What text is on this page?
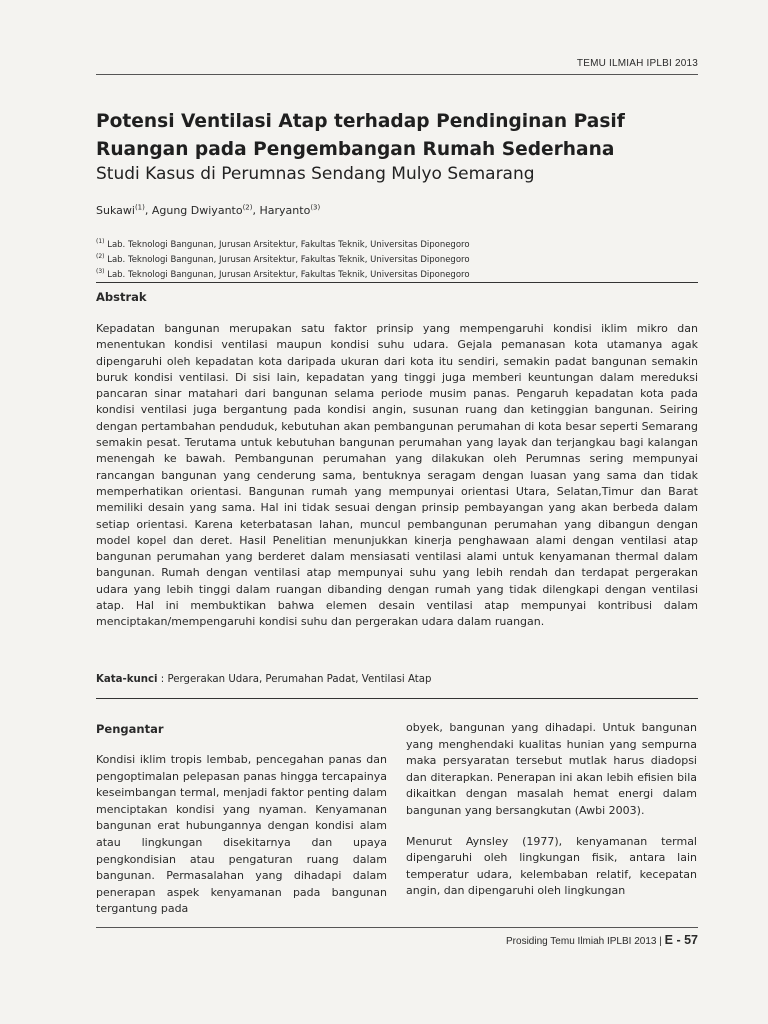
TEMU ILMIAH IPLBI 2013
Potensi Ventilasi Atap terhadap Pendinginan Pasif Ruangan pada Pengembangan Rumah Sederhana
Studi Kasus di Perumnas Sendang Mulyo Semarang
Sukawi$^{(1)}$, Agung Dwiyanto$^{(2)}$, Haryanto$^{(3)}$
$^{(1)}$ Lab. Teknologi Bangunan, Jurusan Arsitektur, Fakultas Teknik, Universitas Diponegoro
$^{(2)}$ Lab. Teknologi Bangunan, Jurusan Arsitektur, Fakultas Teknik, Universitas Diponegoro
$^{(3)}$ Lab. Teknologi Bangunan, Jurusan Arsitektur, Fakultas Teknik, Universitas Diponegoro
Abstrak

Kepadatan bangunan merupakan satu faktor prinsip yang mempengaruhi kondisi iklim mikro dan menentukan kondisi ventilasi maupun kondisi suhu udara. Gejala pemanasan kota utamanya agak dipengaruhi oleh kepadatan kota daripada ukuran dari kota itu sendiri, semakin padat bangunan semakin buruk kondisi ventilasi. Di sisi lain, kepadatan yang tinggi juga memberi keuntungan dalam mereduksi pancaran sinar matahari dari bangunan selama periode musim panas. Pengaruh kepadatan kota pada kondisi ventilasi juga bergantung pada kondisi angin, susunan ruang dan ketinggian bangunan. Seiring dengan pertambahan penduduk, kebutuhan akan pembangunan perumahan di kota besar seperti Semarang semakin pesat. Terutama untuk kebutuhan bangunan perumahan yang layak dan terjangkau bagi kalangan menengah ke bawah. Pembangunan perumahan yang dilakukan oleh Perumnas sering mempunyai rancangan bangunan yang cenderung sama, bentuknya seragam dengan luasan yang sama dan tidak memperhatikan orientasi. Bangunan rumah yang mempunyai orientasi Utara, Selatan,Timur dan Barat memiliki desain yang sama. Hal ini tidak sesuai dengan prinsip pembayangan yang akan berbeda dalam setiap orientasi. Karena keterbatasan lahan, muncul pembangunan perumahan yang dibangun dengan model kopel dan deret. Hasil Penelitian menunjukkan kinerja penghawaan alami dengan ventilasi atap bangunan perumahan yang berderet dalam mensiasati ventilasi alami untuk kenyamanan thermal dalam bangunan. Rumah dengan ventilasi atap mempunyai suhu yang lebih rendah dan terdapat pergerakan udara yang lebih tinggi dalam ruangan dibanding dengan rumah yang tidak dilengkapi dengan ventilasi atap. Hal ini membuktikan bahwa elemen desain ventilasi atap mempunyai kontribusi dalam menciptakan/mempengaruhi kondisi suhu dan pergerakan udara dalam ruangan.

Kata-kunci : Pergerakan Udara, Perumahan Padat, Ventilasi Atap
Pengantar

Kondisi iklim tropis lembab, pencegahan panas dan pengoptimalan pelepasan panas hingga tercapainya keseimbangan termal, menjadi faktor penting dalam menciptakan kondisi yang nyaman. Kenyamanan bangunan erat hubungannya dengan kondisi alam atau lingkungan disekitarnya dan upaya pengkondisian atau pengaturan ruang dalam bangunan. Permasalahan yang dihadapi dalam penerapan aspek kenyamanan pada bangunan tergantung pada

obyek, bangunan yang dihadapi. Untuk bangunan yang menghendaki kualitas hunian yang sempurna maka persyaratan tersebut mutlak harus diadopsi dan diterapkan. Penerapan ini akan lebih efisien bila dikaitkan dengan masalah hemat energi dalam bangunan yang bersangkutan (Awbi 2003).

Menurut Aynsley (1977), kenyamanan termal dipengaruhi oleh lingkungan fisik, antara lain temperatur udara, kelembaban relatif, kecepatan angin, dan dipengaruhi oleh lingkungan

Prosiding Temu Ilmiah IPLBI 2013 | E - 57
